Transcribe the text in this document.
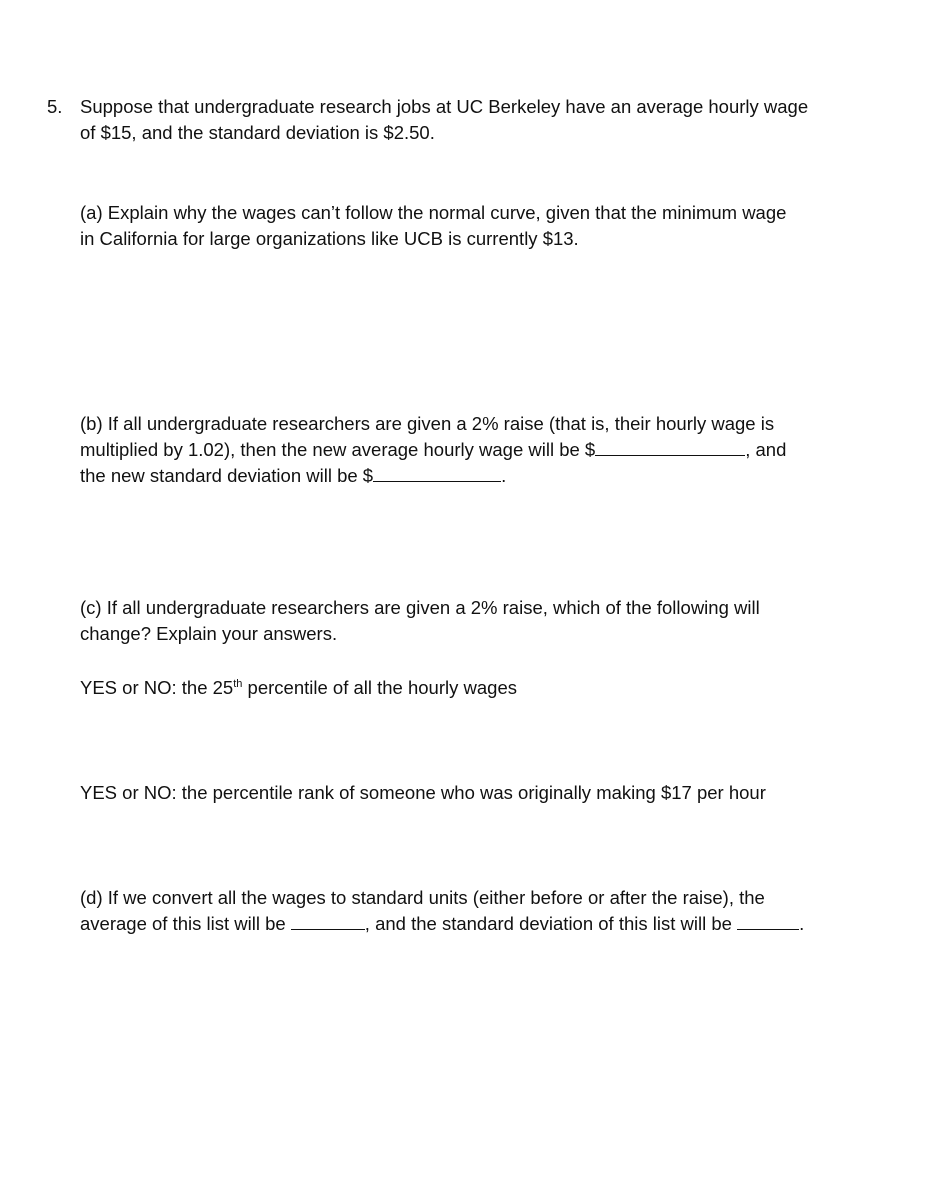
5. Suppose that undergraduate research jobs at UC Berkeley have an average hourly wage
of $15, and the standard deviation is $2.50.
(a) Explain why the wages can’t follow the normal curve, given that the minimum wage
in California for large organizations like UCB is currently $13.
(b) If all undergraduate researchers are given a 2% raise (that is, their hourly wage is
multiplied by 1.02), then the new average hourly wage will be $	, and
the new standard deviation will be $	.
(c) If all undergraduate researchers are given a 2% raise, which of the following will
change? Explain your answers.
YES or NO: the 25th percentile of all the hourly wages
YES or NO: the percentile rank of someone who was originally making $17 per hour
(d) If we convert all the wages to standard units (either before or after the raise), the
average of this list will be	, and the standard deviation of this list will be	.
